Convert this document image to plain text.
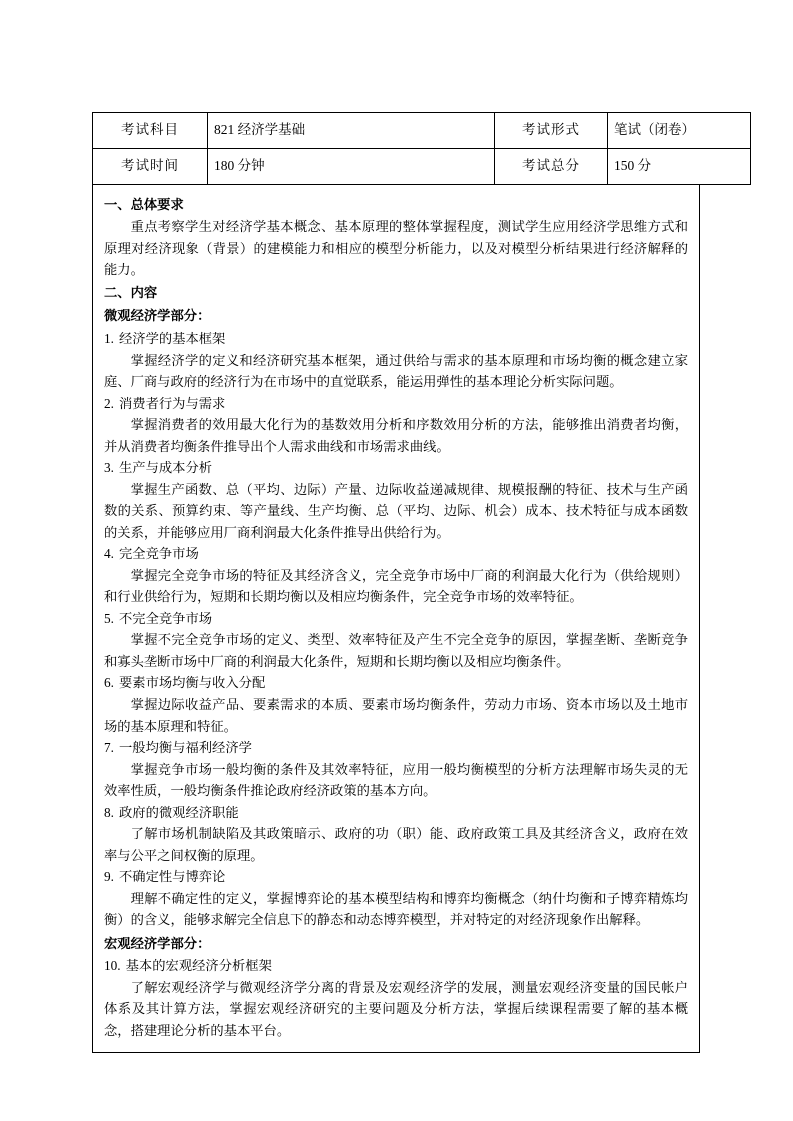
考试科目	821 经济学基础	考试形式	笔试（闭卷）
考试时间	180 分钟	考试总分	150 分
一、总体要求

重点考察学生对经济学基本概念、基本原理的整体掌握程度，测试学生应用经济学思维方式和原理对经济现象（背景）的建模能力和相应的模型分析能力，以及对模型分析结果进行经济解释的能力。

二、内容
微观经济学部分：

1. 经济学的基本框架

掌握经济学的定义和经济研究基本框架，通过供给与需求的基本原理和市场均衡的概念建立家庭、厂商与政府的经济行为在市场中的直觉联系，能运用弹性的基本理论分析实际问题。

2. 消费者行为与需求

掌握消费者的效用最大化行为的基数效用分析和序数效用分析的方法，能够推出消费者均衡，并从消费者均衡条件推导出个人需求曲线和市场需求曲线。

3. 生产与成本分析

掌握生产函数、总（平均、边际）产量、边际收益递减规律、规模报酬的特征、技术与生产函数的关系、预算约束、等产量线、生产均衡、总（平均、边际、机会）成本、技术特征与成本函数的关系，并能够应用厂商利润最大化条件推导出供给行为。

4. 完全竞争市场

掌握完全竞争市场的特征及其经济含义，完全竞争市场中厂商的利润最大化行为（供给规则）和行业供给行为，短期和长期均衡以及相应均衡条件，完全竞争市场的效率特征。

5. 不完全竞争市场

掌握不完全竞争市场的定义、类型、效率特征及产生不完全竞争的原因，掌握垄断、垄断竞争和寡头垄断市场中厂商的利润最大化条件，短期和长期均衡以及相应均衡条件。

6. 要素市场均衡与收入分配

掌握边际收益产品、要素需求的本质、要素市场均衡条件，劳动力市场、资本市场以及土地市场的基本原理和特征。

7. 一般均衡与福利经济学

掌握竞争市场一般均衡的条件及其效率特征，应用一般均衡模型的分析方法理解市场失灵的无效率性质，一般均衡条件推论政府经济政策的基本方向。

8. 政府的微观经济职能

了解市场机制缺陷及其政策暗示、政府的功（职）能、政府政策工具及其经济含义，政府在效率与公平之间权衡的原理。

9. 不确定性与博弈论

理解不确定性的定义，掌握博弈论的基本模型结构和博弈均衡概念（纳什均衡和子博弈精炼均衡）的含义，能够求解完全信息下的静态和动态博弈模型，并对特定的对经济现象作出解释。

宏观经济学部分：

10. 基本的宏观经济分析框架

了解宏观经济学与微观经济学分离的背景及宏观经济学的发展，测量宏观经济变量的国民帐户体系及其计算方法，掌握宏观经济研究的主要问题及分析方法，掌握后续课程需要了解的基本概念，搭建理论分析的基本平台。
